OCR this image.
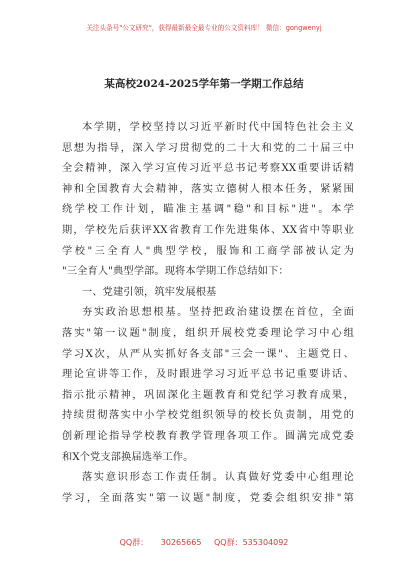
关注头条号"公文研究"，获得最新最全最专业的公文资料库！ 微信：gongwenyj
某高校2024-2025学年第一学期工作总结
本学期，学校坚持以习近平新时代中国特色社会主义
思想为指导，深入学习贯彻党的二十大和党的二十届三中
全会精神，深入学习宣传习近平总书记考察XX重要讲话精
神和全国教育大会精神，落实立德树人根本任务，紧紧围
绕学校工作计划，瞄准主基调"稳"和目标"进"。本学
期，学校先后获评XX省教育工作先进集体、XX省中等职业
学校"三全育人"典型学校，服饰和工商学部被认定为
"三全育人"典型学部。现将本学期工作总结如下：
一、党建引领，筑牢发展根基
夯实政治思想根基。坚持把政治建设摆在首位，全面
落实"第一议题"制度，组织开展校党委理论学习中心组
学习X次，从严从实抓好各支部"三会一课"、主题党日、
理论宣讲等工作，及时跟进学习习近平总书记重要讲话、
指示批示精神，巩固深化主题教育和党纪学习教育成果，
持续贯彻落实中小学校党组织领导的校长负责制，用党的
创新理论指导学校教育教学管理各项工作。圆满完成党委
和X个党支部换届选举工作。
落实意识形态工作责任制。认真做好党委中心组理论
学习，全面落实"第一议题"制度，党委会组织安排"第
QQ群： 30265665 QQ群：535304092
